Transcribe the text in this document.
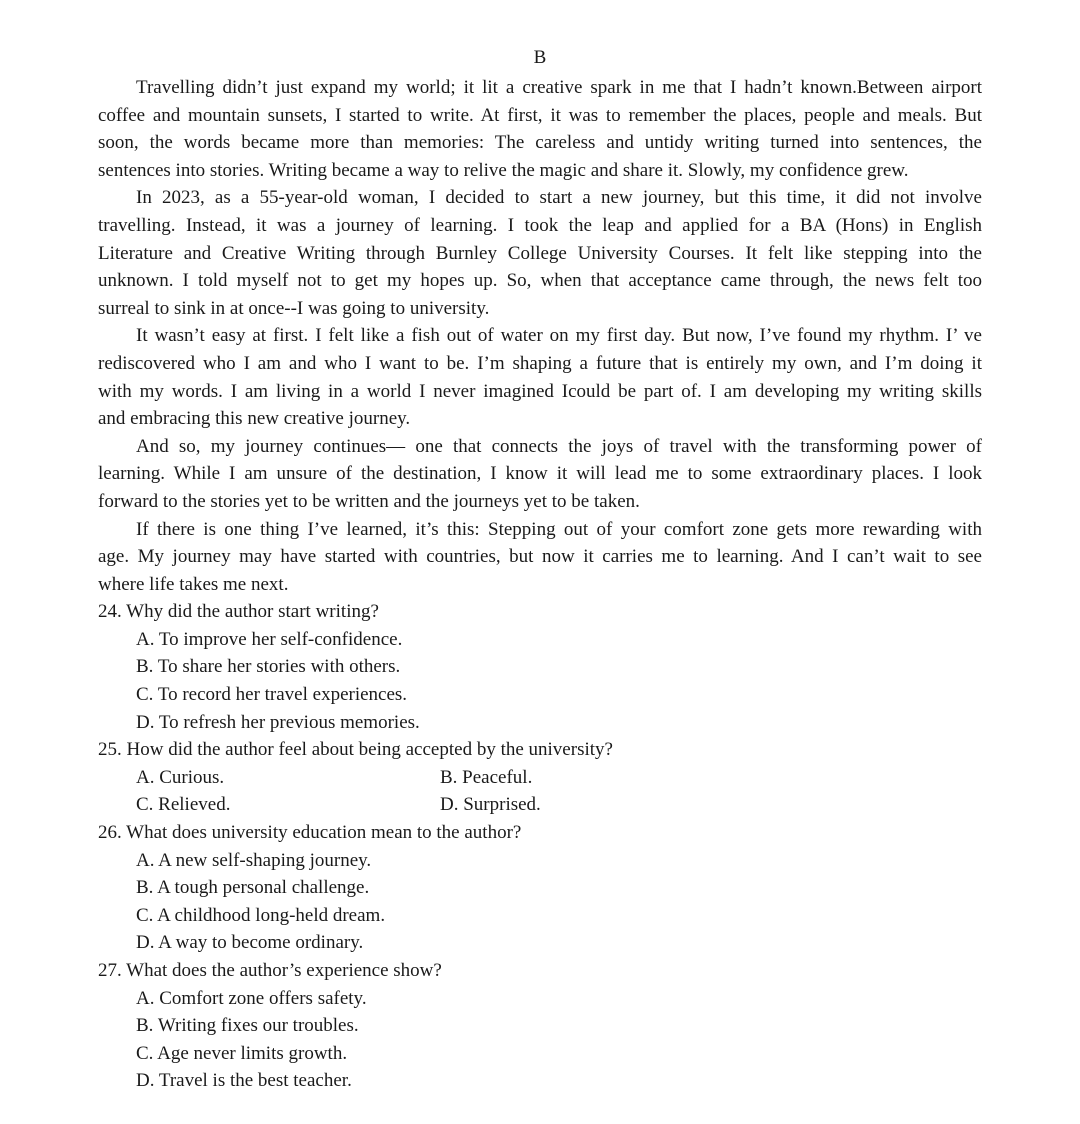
B
Travelling didn’t just expand my world; it lit a creative spark in me that I hadn’t known.Between airport
coffee and mountain sunsets, I started to write. At first, it was to remember the places, people and meals. But
soon, the words became more than memories: The careless and untidy writing turned into sentences, the
sentences into stories. Writing became a way to relive the magic and share it. Slowly, my confidence grew.
In 2023, as a 55-year-old woman, I decided to start a new journey, but this time, it did not involve
travelling. Instead, it was a journey of learning. I took the leap and applied for a BA (Hons) in English
Literature and Creative Writing through Burnley College University Courses. It felt like stepping into the
unknown. I told myself not to get my hopes up. So, when that acceptance came through, the news felt too
surreal to sink in at once--I was going to university.
It wasn’t easy at first. I felt like a fish out of water on my first day. But now, I’ve found my rhythm. I’ ve
rediscovered who I am and who I want to be. I’m shaping a future that is entirely my own, and I’m doing it
with my words. I am living in a world I never imagined Icould be part of. I am developing my writing skills
and embracing this new creative journey.
And so, my journey continues— one that connects the joys of travel with the transforming power of
learning. While I am unsure of the destination, I know it will lead me to some extraordinary places. I look
forward to the stories yet to be written and the journeys yet to be taken.
If there is one thing I’ve learned, it’s this: Stepping out of your comfort zone gets more rewarding with
age. My journey may have started with countries, but now it carries me to learning. And I can’t wait to see
where life takes me next.
24. Why did the author start writing?
A. To improve her self-confidence.
B. To share her stories with others.
C. To record her travel experiences.
D. To refresh her previous memories.
25. How did the author feel about being accepted by the university?
A. Curious.	B. Peaceful.
C. Relieved.	D. Surprised.
26. What does university education mean to the author?
A. A new self-shaping journey.
B. A tough personal challenge.
C. A childhood long-held dream.
D. A way to become ordinary.
27. What does the author’s experience show?
A. Comfort zone offers safety.
B. Writing fixes our troubles.
C. Age never limits growth.
D. Travel is the best teacher.
